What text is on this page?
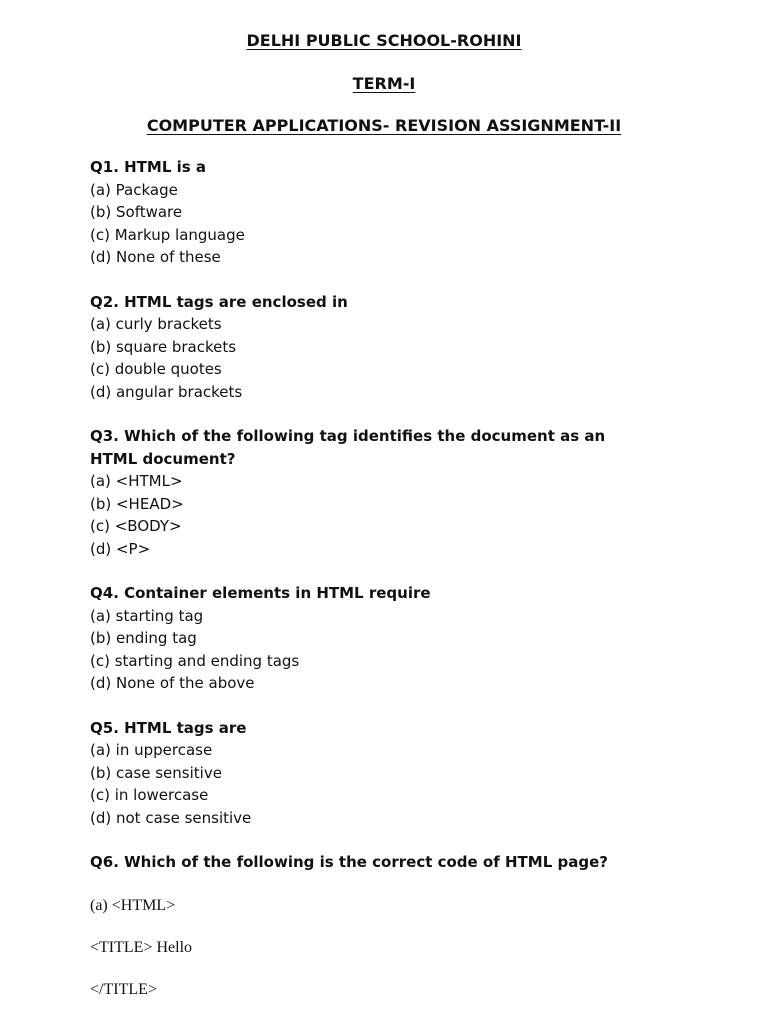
DELHI PUBLIC SCHOOL-ROHINI
TERM-I
COMPUTER APPLICATIONS- REVISION ASSIGNMENT-II
Q1. HTML is a
(a) Package
(b) Software
(c) Markup language
(d) None of these
Q2. HTML tags are enclosed in
(a) curly brackets
(b) square brackets
(c) double quotes
(d) angular brackets
Q3. Which of the following tag identifies the document as an HTML document?
(a) <HTML>
(b) <HEAD>
(c) <BODY>
(d) <P>
Q4. Container elements in HTML require
(a) starting tag
(b) ending tag
(c) starting and ending tags
(d) None of the above
Q5. HTML tags are
(a) in uppercase
(b) case sensitive
(c) in lowercase
(d) not case sensitive
Q6. Which of the following is the correct code of HTML page?
(a) <HTML>
<TITLE> Hello
</TITLE>
